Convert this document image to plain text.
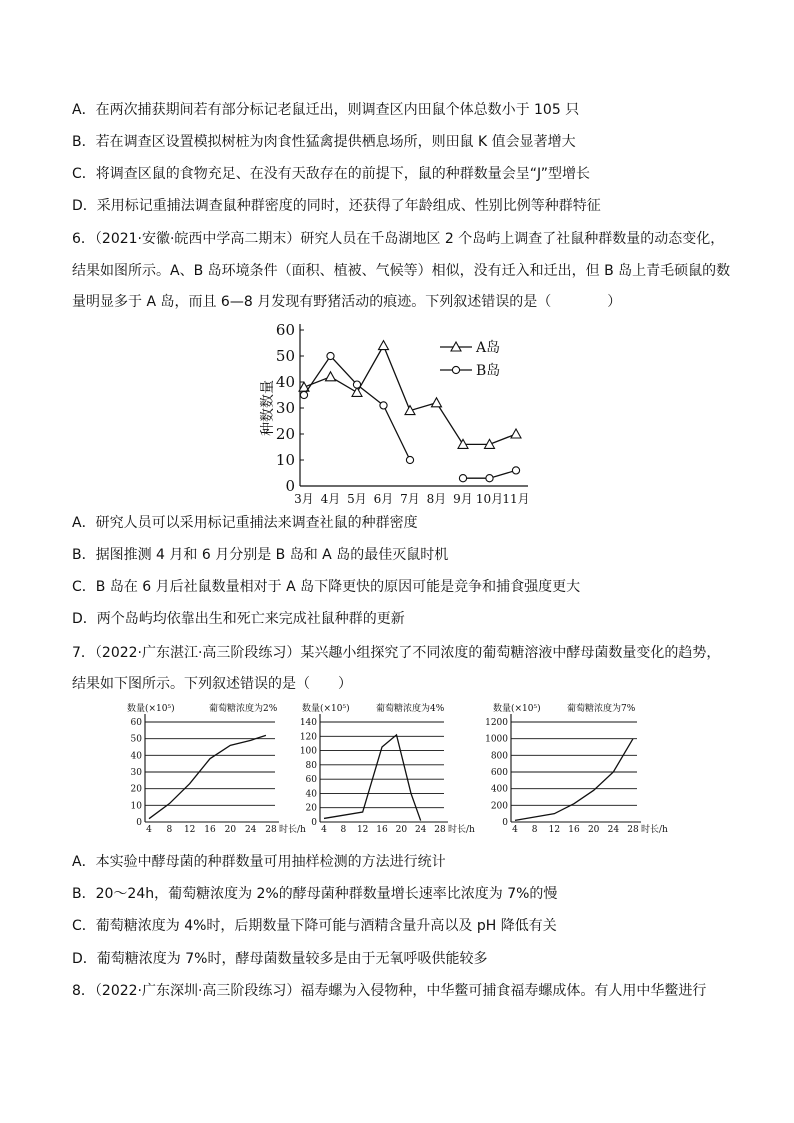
A．在两次捕获期间若有部分标记老鼠迁出，则调查区内田鼠个体总数小于 105 只
B．若在调查区设置模拟树桩为肉食性猛禽提供栖息场所，则田鼠 K 值会显著增大
C．将调查区鼠的食物充足、在没有天敌存在的前提下，鼠的种群数量会呈“J”型增长
D．采用标记重捕法调查鼠种群密度的同时，还获得了年龄组成、性别比例等种群特征
6．（2021·安徽·皖西中学高二期末）研究人员在千岛湖地区 2 个岛屿上调查了社鼠种群数量的动态变化，
结果如图所示。A、B 岛环境条件（面积、植被、气候等）相似，没有迁入和迁出，但 B 岛上青毛硕鼠的数
量明显多于 A 岛，而且 6—8 月发现有野猪活动的痕迹。下列叙述错误的是（　　　　）
0
10
20
30
40
50
60
3月 4月 5月 6月 7月 8月 9月 10月 11月
种数数量
A岛
B岛
A．研究人员可以采用标记重捕法来调查社鼠的种群密度
B．据图推测 4 月和 6 月分别是 B 岛和 A 岛的最佳灭鼠时机
C．B 岛在 6 月后社鼠数量相对于 A 岛下降更快的原因可能是竞争和捕食强度更大
D．两个岛屿均依靠出生和死亡来完成社鼠种群的更新
7．（2022·广东湛江·高三阶段练习）某兴趣小组探究了不同浓度的葡萄糖溶液中酵母菌数量变化的趋势，
结果如下图所示。下列叙述错误的是（　　）
0
10
20
30
40
50
60
4 8 12 16 20 24 28 时长/h
数量(×10⁵)	葡萄糖浓度为2%
0
20
40
60
80
100
120
140
4 8 12 16 20 24 28 时长/h
数量(×10⁵)	葡萄糖浓度为4%
0
200
400
600
800
1000
1200
4 8 12 16 20 24 28 时长/h
数量(×10⁵)	葡萄糖浓度为7%
A．本实验中酵母菌的种群数量可用抽样检测的方法进行统计
B．20～24h，葡萄糖浓度为 2%的酵母菌种群数量增长速率比浓度为 7%的慢
C．葡萄糖浓度为 4%时，后期数量下降可能与酒精含量升高以及 pH 降低有关
D．葡萄糖浓度为 7%时，酵母菌数量较多是由于无氧呼吸供能较多
8．（2022·广东深圳·高三阶段练习）福寿螺为入侵物种，中华鳖可捕食福寿螺成体。有人用中华鳖进行
